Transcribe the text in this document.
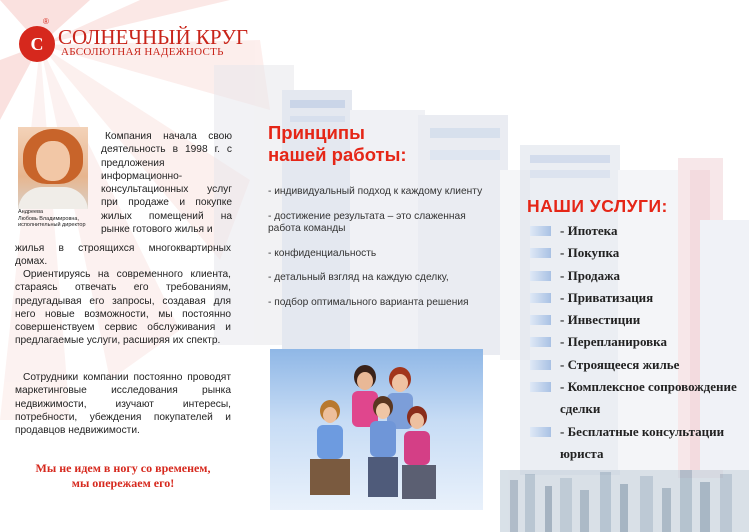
С
®
СОЛНЕЧНЫЙ КРУГ
АБСОЛЮТНАЯ НАДЕЖНОСТЬ
Андреева
Любовь Владимировна,
исполнительный директор
Компания начала свою деятельность в 1998 г. с предложения информационно-консультационных услуг при продаже и покупке жилых помещений на рынке готового жилья и
жилья в строящихся многоквартирных домах.
Ориентируясь на современного клиента, стараясь отвечать его требованиям, предугадывая его запросы, создавая для него новые возможности, мы постоянно совершенствуем сервис обслуживания и предлагаемые услуги, расширяя их спектр.
Сотрудники компании постоянно проводят маркетинговые исследования рынка недвижимости, изучают интересы, потребности, убеждения покупателей и продавцов недвижимости.
Мы не идем в ногу со временем,
мы опережаем его!
Принципы
нашей работы:
- индивидуальный подход к каждому клиенту
- достижение результата – это слаженная работа команды
- конфиденциальность
- детальный взгляд на каждую сделку,
- подбор оптимального варианта решения
НАШИ УСЛУГИ:
- Ипотека
- Покупка
- Продажа
- Приватизация
- Инвестиции
- Перепланировка
- Строящееся жилье
- Комплексное сопровождение сделки
- Бесплатные консультации юриста
